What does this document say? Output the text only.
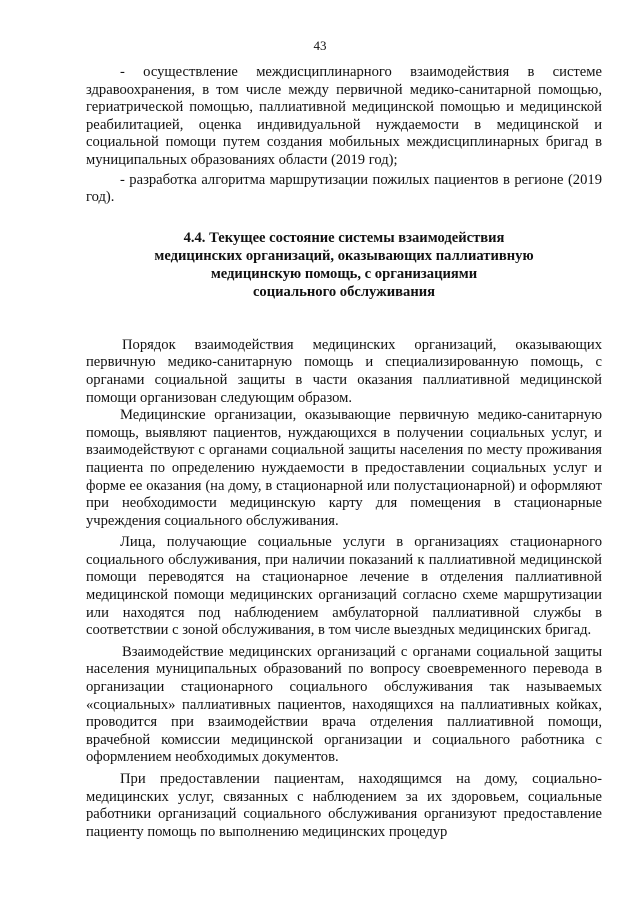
43

- осуществление междисциплинарного взаимодействия в системе здравоохранения, в том числе между первичной медико-санитарной помощью, гериатрической помощью, паллиативной медицинской помощью и медицинской реабилитацией, оценка индивидуальной нуждаемости в медицинской и социальной помощи путем создания мобильных междисциплинарных бригад в муниципальных образованиях области (2019 год);

- разработка алгоритма маршрутизации пожилых пациентов в регионе (2019 год).

4.4. Текущее состояние системы взаимодействия
медицинских организаций, оказывающих паллиативную
медицинскую помощь, с организациями
социального обслуживания

Порядок взаимодействия медицинских организаций, оказывающих первичную медико-санитарную помощь и специализированную помощь, с органами социальной защиты в части оказания паллиативной медицинской помощи организован следующим образом.

Медицинские организации, оказывающие первичную медико-санитарную помощь, выявляют пациентов, нуждающихся в получении социальных услуг, и взаимодействуют с органами социальной защиты населения по месту проживания пациента по определению нуждаемости в предоставлении социальных услуг и форме ее оказания (на дому, в стационарной или полустационарной) и оформляют при необходимости медицинскую карту для помещения в стационарные учреждения социального обслуживания.

Лица, получающие социальные услуги в организациях стационарного социального обслуживания, при наличии показаний к паллиативной медицинской помощи переводятся на стационарное лечение в отделения паллиативной медицинской помощи медицинских организаций согласно схеме маршрутизации или находятся под наблюдением амбулаторной паллиативной службы в соответствии с зоной обслуживания, в том числе выездных медицинских бригад.

Взаимодействие медицинских организаций с органами социальной защиты населения муниципальных образований по вопросу своевременного перевода в организации стационарного социального обслуживания так называемых «социальных» паллиативных пациентов, находящихся на паллиативных койках, проводится при взаимодействии врача отделения паллиативной помощи, врачебной комиссии медицинской организации и социального работника с оформлением необходимых документов.

При предоставлении пациентам, находящимся на дому, социально-медицинских услуг, связанных с наблюдением за их здоровьем, социальные работники организаций социального обслуживания организуют предоставление пациенту помощь по выполнению медицинских процедур
